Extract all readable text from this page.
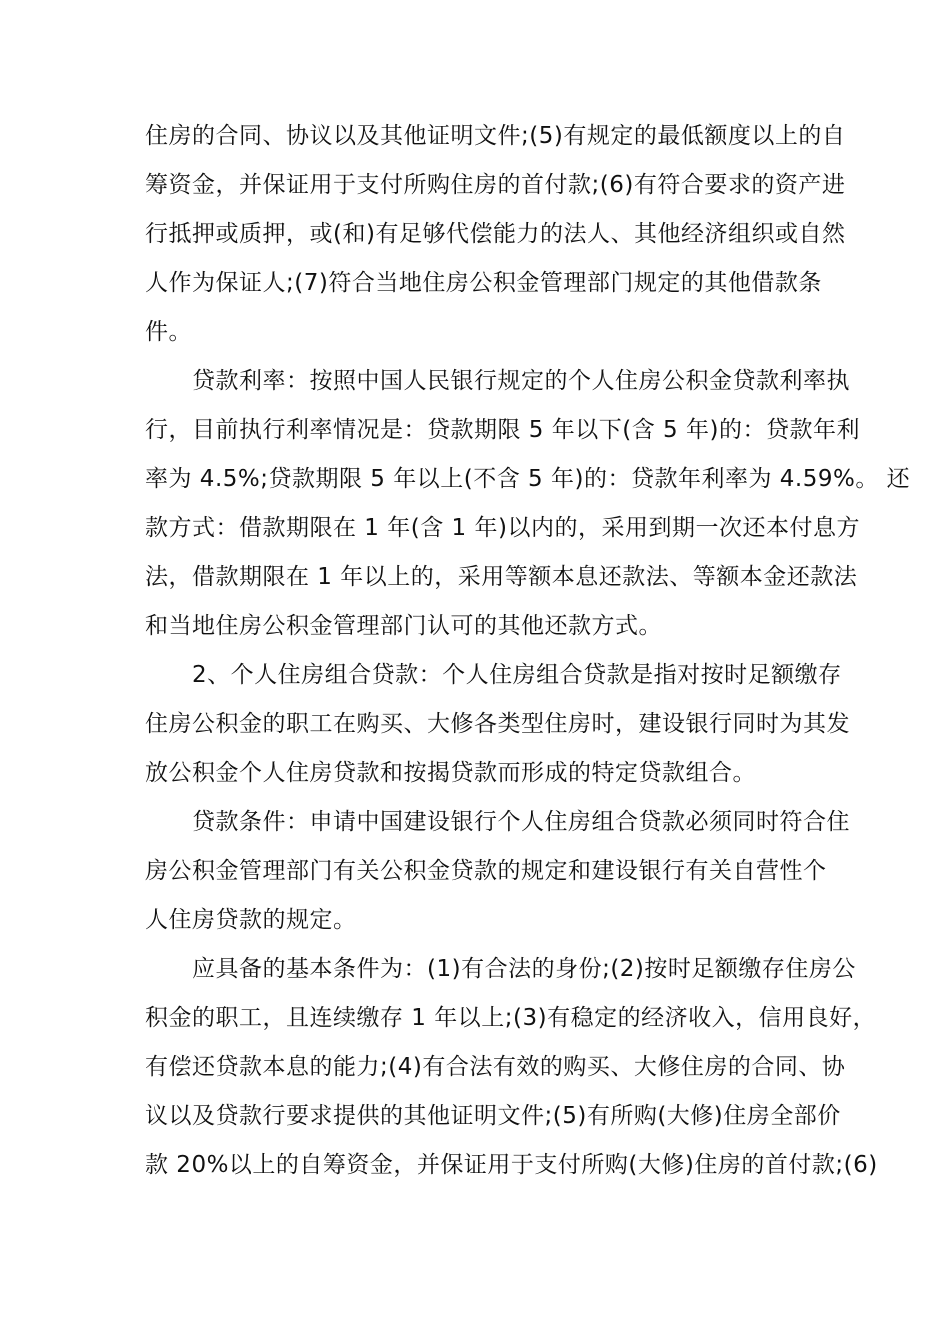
住房的合同、协议以及其他证明文件;(5)有规定的最低额度以上的自
筹资金，并保证用于支付所购住房的首付款;(6)有符合要求的资产进
行抵押或质押，或(和)有足够代偿能力的法人、其他经济组织或自然
人作为保证人;(7)符合当地住房公积金管理部门规定的其他借款条
件。
　　贷款利率：按照中国人民银行规定的个人住房公积金贷款利率执
行，目前执行利率情况是：贷款期限 5 年以下(含 5 年)的：贷款年利
率为 4.5%;贷款期限 5 年以上(不含 5 年)的：贷款年利率为 4.59%。 还
款方式：借款期限在 1 年(含 1 年)以内的，采用到期一次还本付息方
法，借款期限在 1 年以上的，采用等额本息还款法、等额本金还款法
和当地住房公积金管理部门认可的其他还款方式。
　　2、个人住房组合贷款：个人住房组合贷款是指对按时足额缴存
住房公积金的职工在购买、大修各类型住房时，建设银行同时为其发
放公积金个人住房贷款和按揭贷款而形成的特定贷款组合。
　　贷款条件：申请中国建设银行个人住房组合贷款必须同时符合住
房公积金管理部门有关公积金贷款的规定和建设银行有关自营性个
人住房贷款的规定。
　　应具备的基本条件为：(1)有合法的身份;(2)按时足额缴存住房公
积金的职工，且连续缴存 1 年以上;(3)有稳定的经济收入，信用良好，
有偿还贷款本息的能力;(4)有合法有效的购买、大修住房的合同、协
议以及贷款行要求提供的其他证明文件;(5)有所购(大修)住房全部价
款 20%以上的自筹资金，并保证用于支付所购(大修)住房的首付款;(6)
